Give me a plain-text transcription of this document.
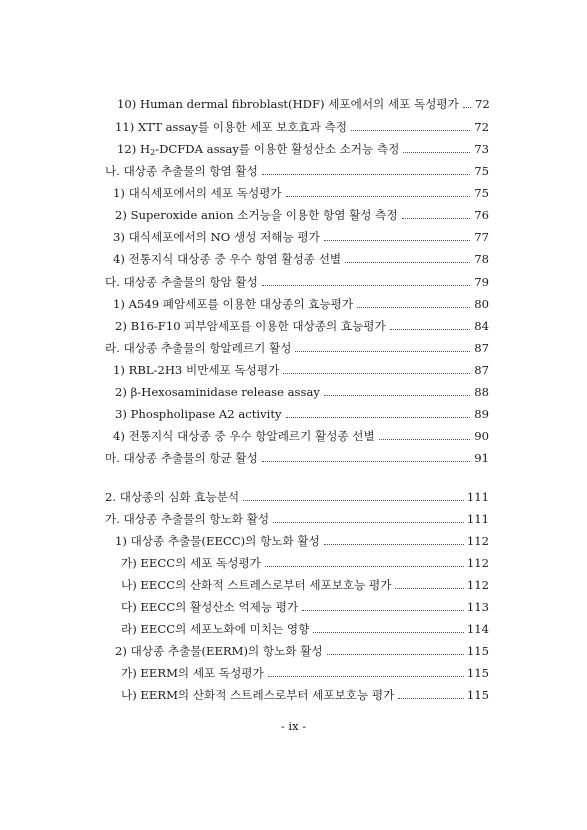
10) Human dermal fibroblast(HDF) 세포에서의 세포 독성평가 72
11) XTT assay를 이용한 세포 보호효과 측정	72
12) $H_2$-DCFDA assay를 이용한 활성산소 소거능 측정	73
나. 대상종 추출물의 항염 활성	75
1) 대식세포에서의 세포 독성평가	75
2) Superoxide anion 소거능을 이용한 항염 활성 측정	76
3) 대식세포에서의 NO 생성 저해능 평가	77
4) 전통지식 대상종 중 우수 항염 활성종 선별	78
다. 대상종 추출물의 항암 활성	79
1) A549 폐암세포를 이용한 대상종의 효능평가	80
2) B16-F10 피부암세포를 이용한 대상종의 효능평가	84
라. 대상종 추출물의 항알레르기 활성	87
1) RBL-2H3 비만세포 독성평가	87
2) β-Hexosaminidase release assay	88
3) Phospholipase A2 activity	89
4) 전통지식 대상종 중 우수 항알레르기 활성종 선별	90
마. 대상종 추출물의 항균 활성	91
2. 대상종의 심화 효능분석	111
가. 대상종 추출물의 항노화 활성	111
1) 대상종 추출물(EECC)의 항노화 활성	112
가) EECC의 세포 독성평가	112
나) EECC의 산화적 스트레스로부터 세포보호능 평가	112
다) EECC의 활성산소 억제능 평가	113
라) EECC의 세포노화에 미치는 영향	114
2) 대상종 추출물(EERM)의 항노화 활성	115
가) EERM의 세포 독성평가	115
나) EERM의 산화적 스트레스로부터 세포보호능 평가	115
- ix -
